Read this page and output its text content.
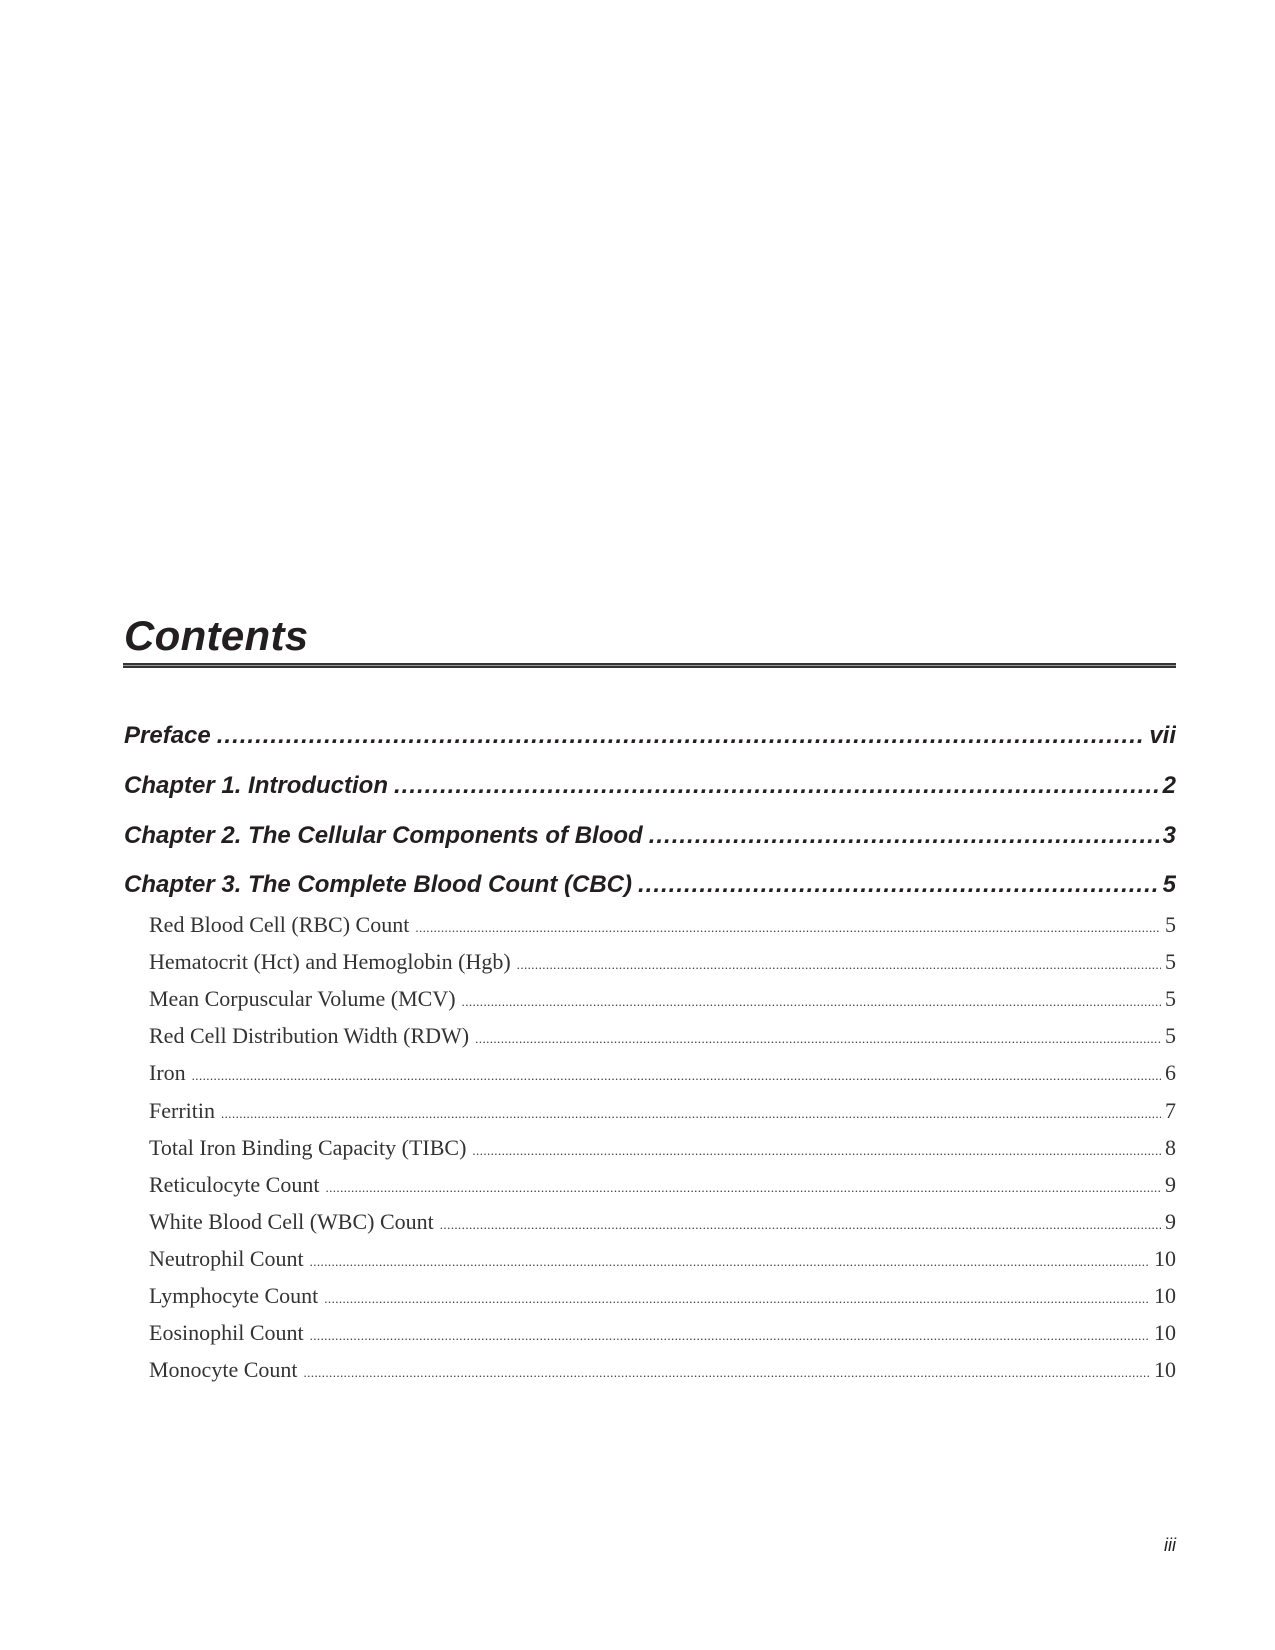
Contents
Preface .....	vii
Chapter 1. Introduction .....	2
Chapter 2. The Cellular Components of Blood .....	3
Chapter 3. The Complete Blood Count (CBC) .....	5
Red Blood Cell (RBC) Count .....	5
Hematocrit (Hct) and Hemoglobin (Hgb) .....	5
Mean Corpuscular Volume (MCV) .....	5
Red Cell Distribution Width (RDW) .....	5
Iron .....	6
Ferritin .....	7
Total Iron Binding Capacity (TIBC) .....	8
Reticulocyte Count .....	9
White Blood Cell (WBC) Count .....	9
Neutrophil Count .....	10
Lymphocyte Count .....	10
Eosinophil Count .....	10
Monocyte Count .....	10
iii
